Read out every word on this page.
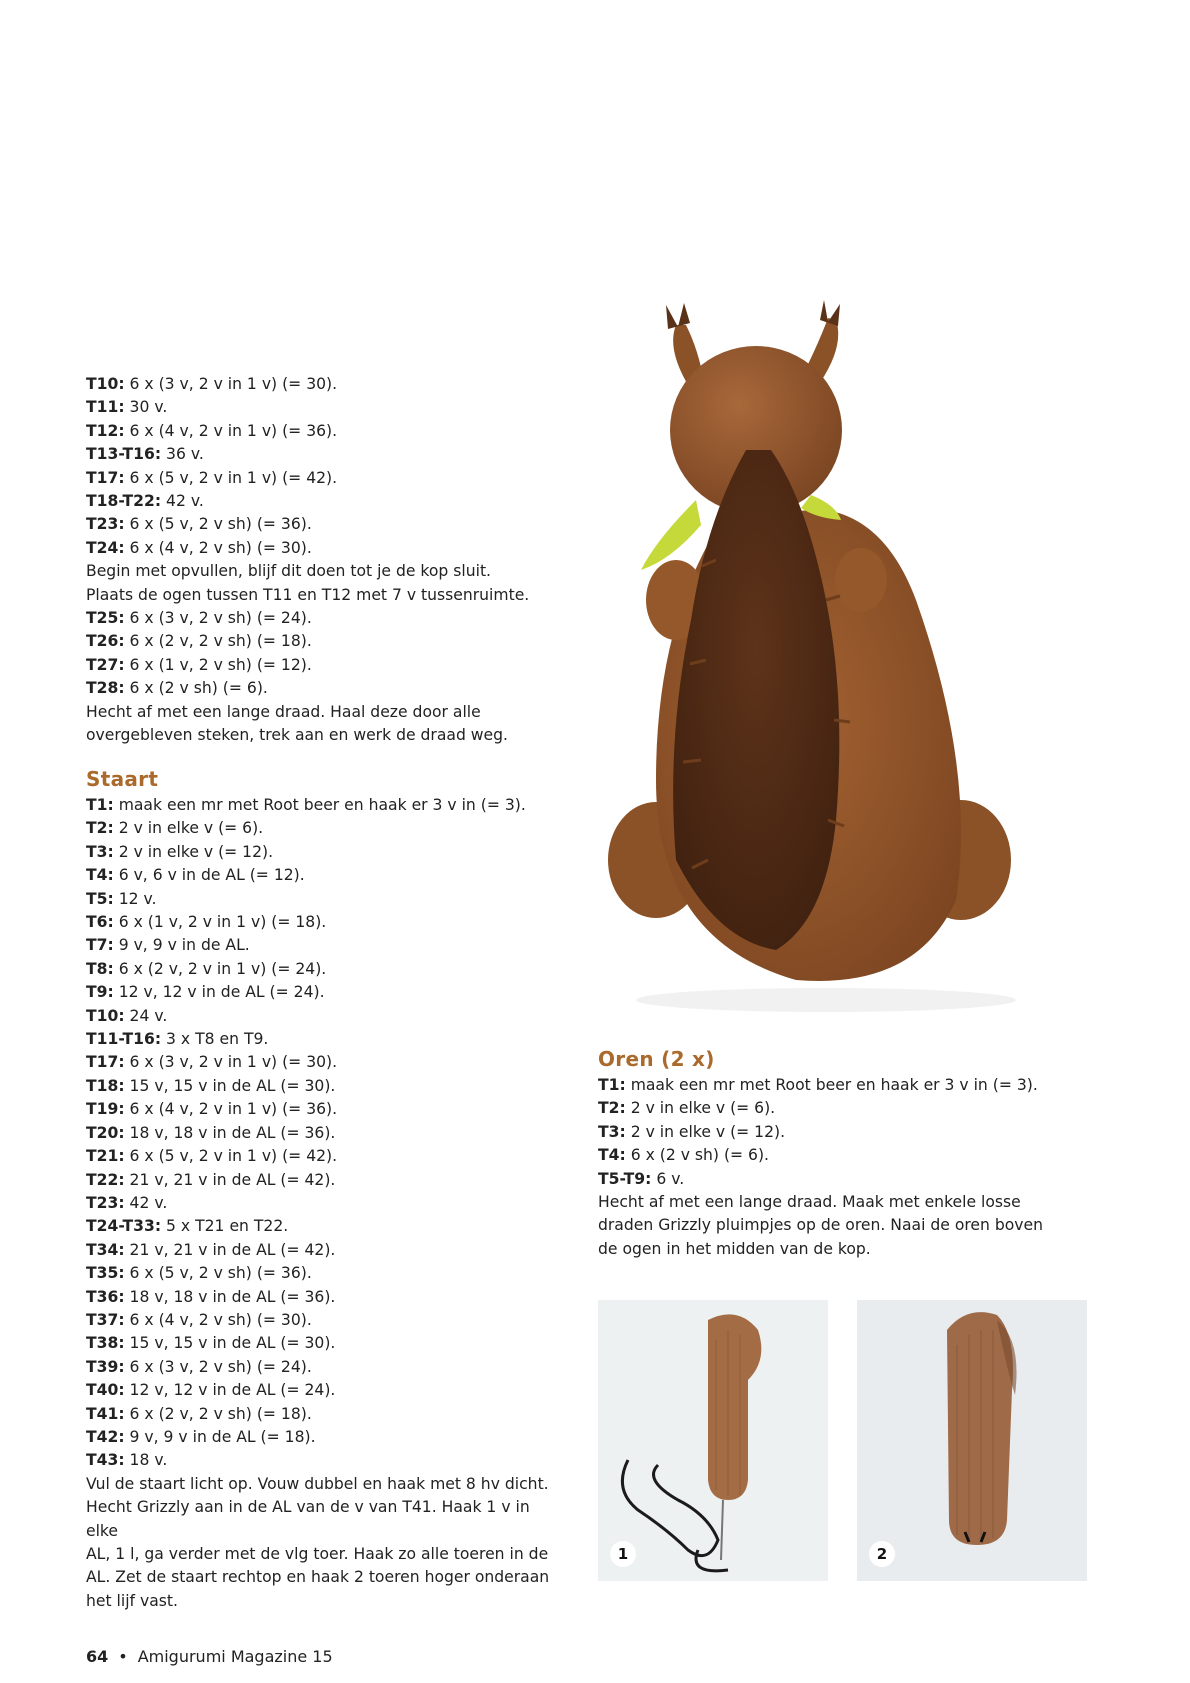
T10: 6 x (3 v, 2 v in 1 v) (= 30).

T11: 30 v.

T12: 6 x (4 v, 2 v in 1 v) (= 36).

T13-T16: 36 v.

T17: 6 x (5 v, 2 v in 1 v) (= 42).

T18-T22: 42 v.

T23: 6 x (5 v, 2 v sh) (= 36).

T24: 6 x (4 v, 2 v sh) (= 30).

Begin met opvullen, blijf dit doen tot je de kop sluit.

Plaats de ogen tussen T11 en T12 met 7 v tussenruimte.

T25: 6 x (3 v, 2 v sh) (= 24).

T26: 6 x (2 v, 2 v sh) (= 18).

T27: 6 x (1 v, 2 v sh) (= 12).

T28: 6 x (2 v sh) (= 6).

Hecht af met een lange draad. Haal deze door alle

overgebleven steken, trek aan en werk de draad weg.

Staart

T1: maak een mr met Root beer en haak er 3 v in (= 3).

T2: 2 v in elke v (= 6).

T3: 2 v in elke v (= 12).

T4: 6 v, 6 v in de AL (= 12).

T5: 12 v.

T6: 6 x (1 v, 2 v in 1 v) (= 18).

T7: 9 v, 9 v in de AL.

T8: 6 x (2 v, 2 v in 1 v) (= 24).

T9: 12 v, 12 v in de AL (= 24).

T10: 24 v.

T11-T16: 3 x T8 en T9.

T17: 6 x (3 v, 2 v in 1 v) (= 30).

T18: 15 v, 15 v in de AL (= 30).

T19: 6 x (4 v, 2 v in 1 v) (= 36).

T20: 18 v, 18 v in de AL (= 36).

T21: 6 x (5 v, 2 v in 1 v) (= 42).

T22: 21 v, 21 v in de AL (= 42).

T23: 42 v.

T24-T33: 5 x T21 en T22.

T34: 21 v, 21 v in de AL (= 42).

T35: 6 x (5 v, 2 v sh) (= 36).

T36: 18 v, 18 v in de AL (= 36).

T37: 6 x (4 v, 2 v sh) (= 30).

T38: 15 v, 15 v in de AL (= 30).

T39: 6 x (3 v, 2 v sh) (= 24).

T40: 12 v, 12 v in de AL (= 24).

T41: 6 x (2 v, 2 v sh) (= 18).

T42: 9 v, 9 v in de AL (= 18).

T43: 18 v.

Vul de staart licht op. Vouw dubbel en haak met 8 hv dicht.

Hecht Grizzly aan in de AL van de v van T41. Haak 1 v in elke

AL, 1 l, ga verder met de vlg toer. Haak zo alle toeren in de

AL. Zet de staart rechtop en haak 2 toeren hoger onderaan

het lijf vast.

Oren (2 x)

T1: maak een mr met Root beer en haak er 3 v in (= 3).

T2: 2 v in elke v (= 6).

T3: 2 v in elke v (= 12).

T4: 6 x (2 v sh) (= 6).

T5-T9: 6 v.

Hecht af met een lange draad. Maak met enkele losse

draden Grizzly pluimpjes op de oren. Naai de oren boven

de ogen in het midden van de kop.

1	2
64 • Amigurumi Magazine 15
